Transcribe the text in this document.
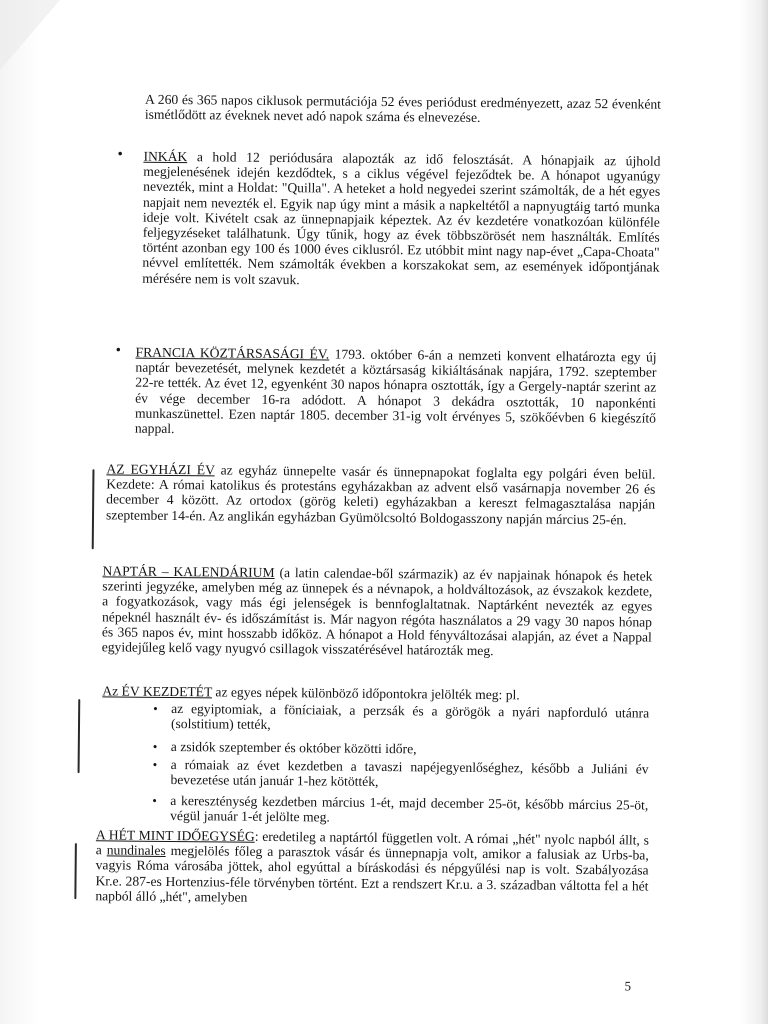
A 260 és 365 napos ciklusok permutációja 52 éves periódust eredményezett, azaz 52 évenként ismétlődött az éveknek nevet adó napok száma és elnevezése.

• INKÁK a hold 12 periódusára alapozták az idő felosztását. A hónapjaik az újhold megjelenésének idején kezdődtek, s a ciklus végével fejeződtek be. A hónapot ugyanúgy nevezték, mint a Holdat: "Quilla". A heteket a hold negyedei szerint számolták, de a hét egyes napjait nem nevezték el. Egyik nap úgy mint a másik a napkeltétől a napnyugtáig tartó munka ideje volt. Kivételt csak az ünnepnapjaik képeztek. Az év kezdetére vonatkozóan különféle feljegyzéseket találhatunk. Úgy tűnik, hogy az évek többszörösét nem használták. Említés történt azonban egy 100 és 1000 éves ciklusról. Ez utóbbit mint nagy nap-évet „Capa-Choata" névvel említették. Nem számolták években a korszakokat sem, az események időpontjának mérésére nem is volt szavuk.

• FRANCIA KÖZTÁRSASÁGI ÉV. 1793. október 6-án a nemzeti konvent elhatározta egy új naptár bevezetését, melynek kezdetét a köztársaság kikiáltásának napjára, 1792. szeptember 22-re tették. Az évet 12, egyenként 30 napos hónapra osztották, így a Gergely-naptár szerint az év vége december 16-ra adódott. A hónapot 3 dekádra osztották, 10 naponkénti munkaszünettel. Ezen naptár 1805. december 31-ig volt érvényes 5, szökőévben 6 kiegészítő nappal.

AZ EGYHÁZI ÉV az egyház ünnepelte vasár és ünnepnapokat foglalta egy polgári éven belül. Kezdete: A római katolikus és protestáns egyházakban az advent első vasárnapja november 26 és december 4 között. Az ortodox (görög keleti) egyházakban a kereszt felmagasztalása napján szeptember 14-én. Az anglikán egyházban Gyümölcsoltó Boldogasszony napján március 25-én.

NAPTÁR – KALENDÁRIUM (a latin calendae-ből származik) az év napjainak hónapok és hetek szerinti jegyzéke, amelyben még az ünnepek és a névnapok, a holdváltozások, az évszakok kezdete, a fogyatkozások, vagy más égi jelenségek is bennfoglaltatnak. Naptárként nevezték az egyes népeknél használt év- és időszámítást is. Már nagyon régóta használatos a 29 vagy 30 napos hónap és 365 napos év, mint hosszabb időköz. A hónapot a Hold fényváltozásai alapján, az évet a Nappal egyidejűleg kelő vagy nyugvó csillagok visszatérésével határozták meg.

Az ÉV KEZDETÉT az egyes népek különböző időpontokra jelölték meg: pl.

• az egyiptomiak, a föníciaiak, a perzsák és a görögök a nyári napforduló utánra (solstitium) tették,
• a zsidók szeptember és október közötti időre,
• a rómaiak az évet kezdetben a tavaszi napéjegyenlőséghez, később a Juliáni év bevezetése után január 1-hez kötötték,
• a kereszténység kezdetben március 1-ét, majd december 25-öt, később március 25-öt, végül január 1-ét jelölte meg.

A HÉT MINT IDŐEGYSÉG: eredetileg a naptártól független volt. A római „hét" nyolc napból állt, s a nundinales megjelölés főleg a parasztok vásár és ünnepnapja volt, amikor a falusiak az Urbs-ba, vagyis Róma városába jöttek, ahol egyúttal a bíráskodási és népgyűlési nap is volt. Szabályozása Kr.e. 287-es Hortenzius-féle törvényben történt. Ezt a rendszert Kr.u. a 3. században váltotta fel a hét napból álló „hét", amelyben

5
